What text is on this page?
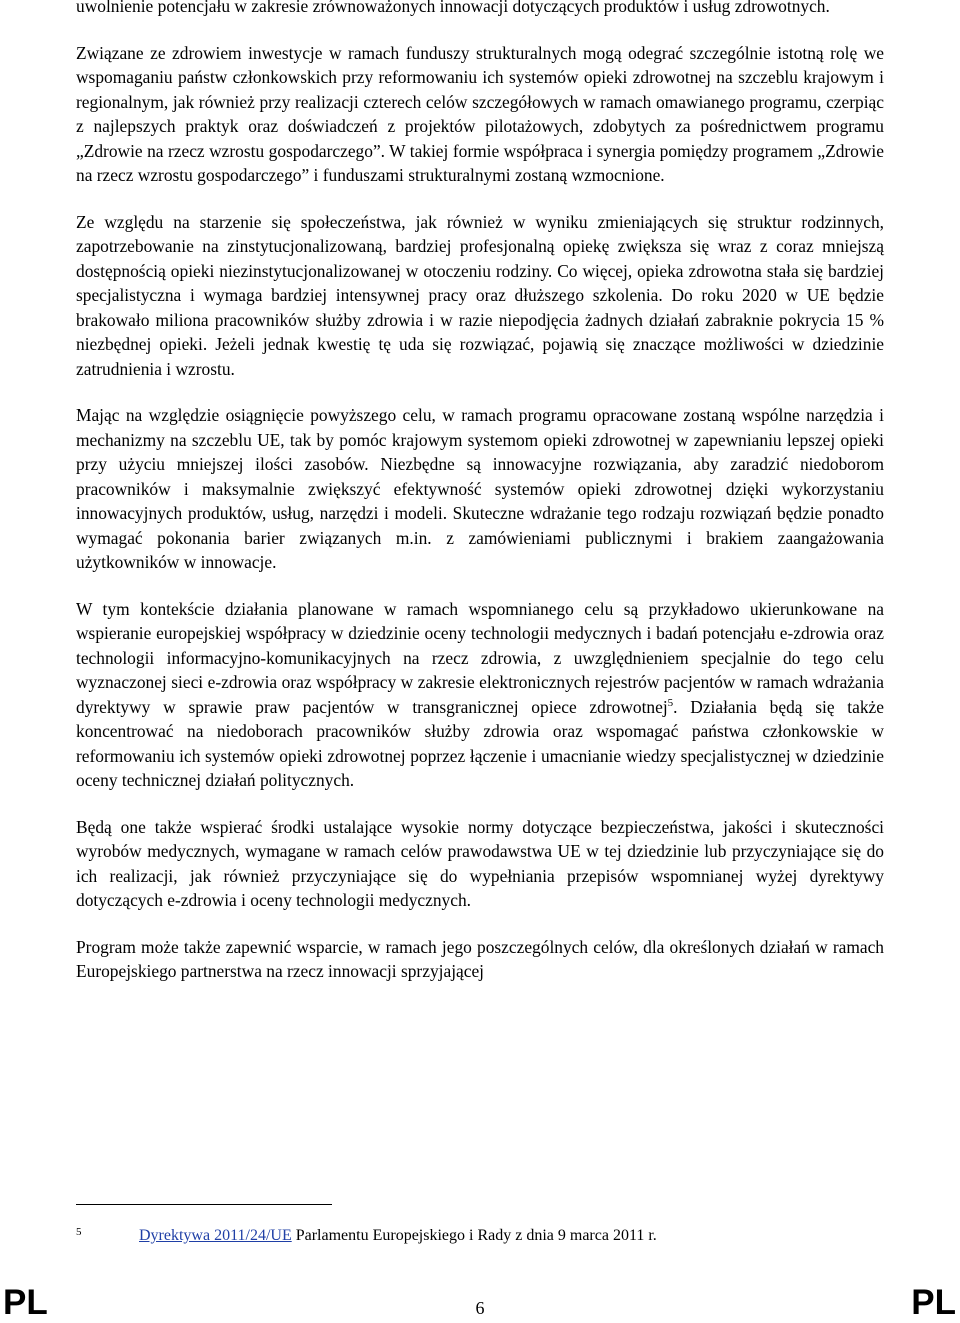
uwolnienie potencjału w zakresie zrównoważonych innowacji dotyczących produktów i usług zdrowotnych.

Związane ze zdrowiem inwestycje w ramach funduszy strukturalnych mogą odegrać szczególnie istotną rolę we wspomaganiu państw członkowskich przy reformowaniu ich systemów opieki zdrowotnej na szczeblu krajowym i regionalnym, jak również przy realizacji czterech celów szczegółowych w ramach omawianego programu, czerpiąc z najlepszych praktyk oraz doświadczeń z projektów pilotażowych, zdobytych za pośrednictwem programu „Zdrowie na rzecz wzrostu gospodarczego”. W takiej formie współpraca i synergia pomiędzy programem „Zdrowie na rzecz wzrostu gospodarczego” i funduszami strukturalnymi zostaną wzmocnione.

Ze względu na starzenie się społeczeństwa, jak również w wyniku zmieniających się struktur rodzinnych, zapotrzebowanie na zinstytucjonalizowaną, bardziej profesjonalną opiekę zwiększa się wraz z coraz mniejszą dostępnością opieki niezinstytucjonalizowanej w otoczeniu rodziny. Co więcej, opieka zdrowotna stała się bardziej specjalistyczna i wymaga bardziej intensywnej pracy oraz dłuższego szkolenia. Do roku 2020 w UE będzie brakowało miliona pracowników służby zdrowia i w razie niepodjęcia żadnych działań zabraknie pokrycia 15 % niezbędnej opieki. Jeżeli jednak kwestię tę uda się rozwiązać, pojawią się znaczące możliwości w dziedzinie zatrudnienia i wzrostu.

Mając na względzie osiągnięcie powyższego celu, w ramach programu opracowane zostaną wspólne narzędzia i mechanizmy na szczeblu UE, tak by pomóc krajowym systemom opieki zdrowotnej w zapewnianiu lepszej opieki przy użyciu mniejszej ilości zasobów. Niezbędne są innowacyjne rozwiązania, aby zaradzić niedoborom pracowników i maksymalnie zwiększyć efektywność systemów opieki zdrowotnej dzięki wykorzystaniu innowacyjnych produktów, usług, narzędzi i modeli. Skuteczne wdrażanie tego rodzaju rozwiązań będzie ponadto wymagać pokonania barier związanych m.in. z zamówieniami publicznymi i brakiem zaangażowania użytkowników w innowacje.

W tym kontekście działania planowane w ramach wspomnianego celu są przykładowo ukierunkowane na wspieranie europejskiej współpracy w dziedzinie oceny technologii medycznych i badań potencjału e-zdrowia oraz technologii informacyjno-komunikacyjnych na rzecz zdrowia, z uwzględnieniem specjalnie do tego celu wyznaczonej sieci e-zdrowia oraz współpracy w zakresie elektronicznych rejestrów pacjentów w ramach wdrażania dyrektywy w sprawie praw pacjentów w transgranicznej opiece zdrowotnej$^5$. Działania będą się także koncentrować na niedoborach pracowników służby zdrowia oraz wspomagać państwa członkowskie w reformowaniu ich systemów opieki zdrowotnej poprzez łączenie i umacnianie wiedzy specjalistycznej w dziedzinie oceny technicznej działań politycznych.

Będą one także wspierać środki ustalające wysokie normy dotyczące bezpieczeństwa, jakości i skuteczności wyrobów medycznych, wymagane w ramach celów prawodawstwa UE w tej dziedzinie lub przyczyniające się do ich realizacji, jak również przyczyniające się do wypełniania przepisów wspomnianej wyżej dyrektywy dotyczących e-zdrowia i oceny technologii medycznych.

Program może także zapewnić wsparcie, w ramach jego poszczególnych celów, dla określonych działań w ramach Europejskiego partnerstwa na rzecz innowacji sprzyjającej

5	Dyrektywa 2011/24/UE Parlamentu Europejskiego i Rady z dnia 9 marca 2011 r.
PL	6	PL
